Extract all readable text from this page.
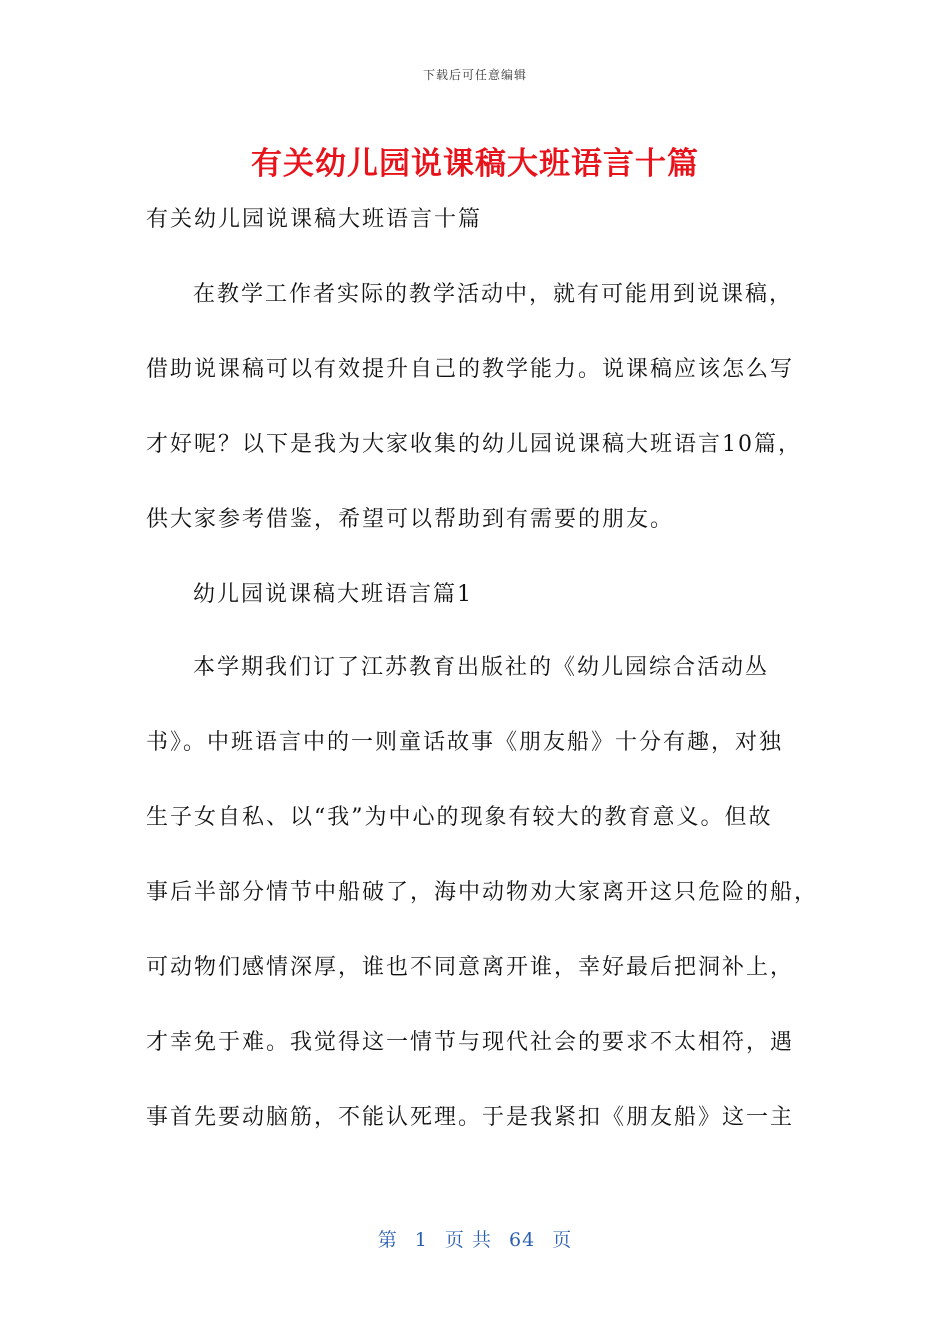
下载后可任意编辑
有关幼儿园说课稿大班语言十篇
有关幼儿园说课稿大班语言十篇
在教学工作者实际的教学活动中，就有可能用到说课稿，
借助说课稿可以有效提升自己的教学能力。说课稿应该怎么写
才好呢？以下是我为大家收集的幼儿园说课稿大班语言10篇，
供大家参考借鉴，希望可以帮助到有需要的朋友。
幼儿园说课稿大班语言篇1
本学期我们订了江苏教育出版社的《幼儿园综合活动丛
书》。中班语言中的一则童话故事《朋友船》十分有趣，对独
生子女自私、以“我”为中心的现象有较大的教育意义。但故
事后半部分情节中船破了，海中动物劝大家离开这只危险的船，
可动物们感情深厚，谁也不同意离开谁，幸好最后把洞补上，
才幸免于难。我觉得这一情节与现代社会的要求不太相符，遇
事首先要动脑筋，不能认死理。于是我紧扣《朋友船》这一主
第 1 页 共 64 页
